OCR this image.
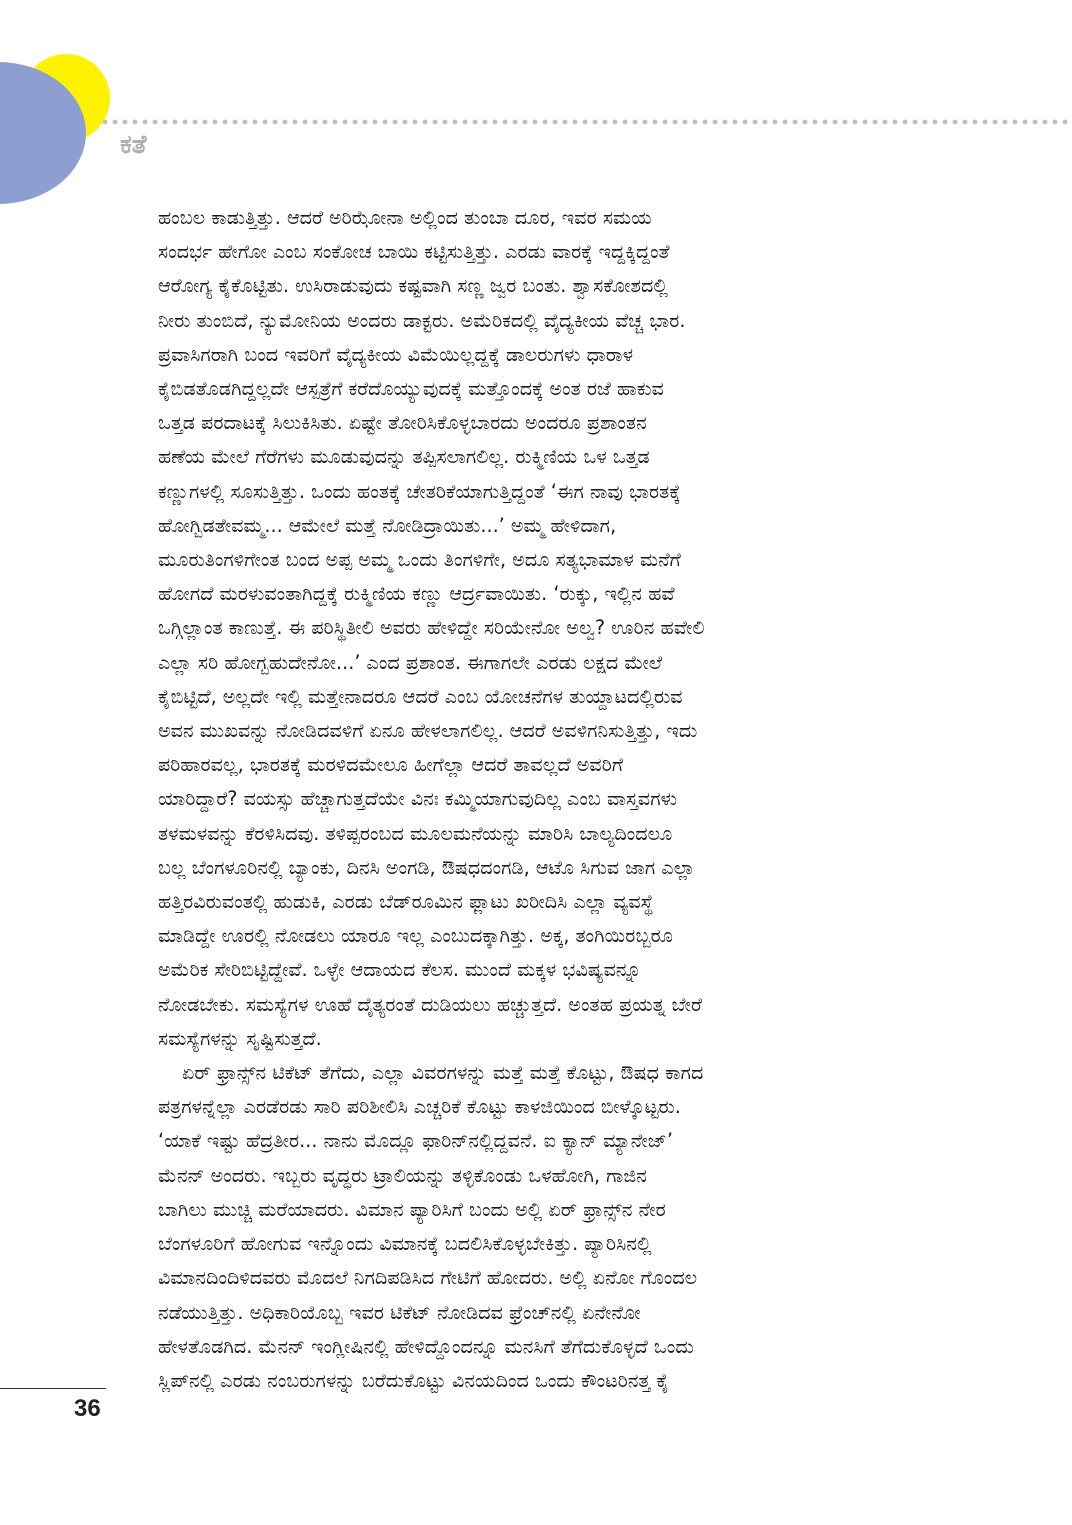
ಕತೆ
ಹಂಬಲ ಕಾಡುತ್ತಿತ್ತು. ಆದರೆ ಅರಿಝೋನಾ ಅಲ್ಲಿಂದ ತುಂಬಾ ದೂರ, ಇವರ ಸಮಯ
ಸಂದರ್ಭ ಹೇಗೋ ಎಂಬ ಸಂಕೋಚ ಬಾಯಿ ಕಟ್ಟಿಸುತ್ತಿತ್ತು. ಎರಡು ವಾರಕ್ಕೆ ಇದ್ದಕ್ಕಿದ್ದಂತೆ
ಆರೋಗ್ಯ ಕೈಕೊಟ್ಟಿತು. ಉಸಿರಾಡುವುದು ಕಷ್ಟವಾಗಿ ಸಣ್ಣ ಜ್ವರ ಬಂತು. ಶ್ವಾಸಕೋಶದಲ್ಲಿ
ನೀರು ತುಂಬಿದೆ, ನ್ಯುಮೋನಿಯ ಅಂದರು ಡಾಕ್ಟರು. ಅಮೆರಿಕದಲ್ಲಿ ವೈದ್ಯಕೀಯ ವೆಚ್ಚ ಭಾರ.
ಪ್ರವಾಸಿಗರಾಗಿ ಬಂದ ಇವರಿಗೆ ವೈದ್ಯಕೀಯ ವಿಮೆಯಿಲ್ಲದ್ದಕ್ಕೆ ಡಾಲರುಗಳು ಧಾರಾಳ
ಕೈಬಿಡತೊಡಗಿದ್ದಲ್ಲದೇ ಆಸ್ಪತ್ರೆಗೆ ಕರೆದೊಯ್ಯುವುದಕ್ಕೆ ಮತ್ತೊಂದಕ್ಕೆ ಅಂತ ರಜೆ ಹಾಕುವ
ಒತ್ತಡ ಪರದಾಟಕ್ಕೆ ಸಿಲುಕಿಸಿತು. ಏಷ್ಟೇ ತೋರಿಸಿಕೊಳ್ಳಬಾರದು ಅಂದರೂ ಪ್ರಶಾಂತನ
ಹಣೆಯ ಮೇಲೆ ಗೆರೆಗಳು ಮೂಡುವುದನ್ನು ತಪ್ಪಿಸಲಾಗಲಿಲ್ಲ. ರುಕ್ಮಿಣಿಯ ಒಳ ಒತ್ತಡ
ಕಣ್ಣುಗಳಲ್ಲಿ ಸೂಸುತ್ತಿತ್ತು. ಒಂದು ಹಂತಕ್ಕೆ ಚೇತರಿಕೆಯಾಗುತ್ತಿದ್ದಂತೆ ‘ಈಗ ನಾವು ಭಾರತಕ್ಕೆ
ಹೋಗ್ಬಿಡತೇವಮ್ಮ... ಆಮೇಲೆ ಮತ್ತೆ ನೋಡಿದ್ರಾಯಿತು...’ ಅಮ್ಮ ಹೇಳಿದಾಗ,
ಮೂರುತಿಂಗಳಿಗೇಂತ ಬಂದ ಅಪ್ಪ ಅಮ್ಮ ಒಂದು ತಿಂಗಳಿಗೇ, ಅದೂ ಸತ್ಯಭಾಮಾಳ ಮನೆಗೆ
ಹೋಗದೆ ಮರಳುವಂತಾಗಿದ್ದಕ್ಕೆ ರುಕ್ಮಿಣಿಯ ಕಣ್ಣು ಆರ್ದ್ರವಾಯಿತು. ‘ರುಕ್ಕು, ಇಲ್ಲಿನ ಹವೆ
ಒಗ್ಗಿಲ್ಲಾಂತ ಕಾಣುತ್ತೆ. ಈ ಪರಿಸ್ಥಿತೀಲಿ ಅವರು ಹೇಳಿದ್ದೇ ಸರಿಯೇನೋ ಅಲ್ವ? ಊರಿನ ಹವೇಲಿ
ಎಲ್ಲಾ ಸರಿ ಹೋಗ್ಬಹುದೇನೋ...’ ಎಂದ ಪ್ರಶಾಂತ. ಈಗಾಗಲೇ ಎರಡು ಲಕ್ಷದ ಮೇಲೆ
ಕೈಬಿಟ್ಟಿದೆ, ಅಲ್ಲದೇ ಇಲ್ಲಿ ಮತ್ತೇನಾದರೂ ಆದರೆ ಎಂಬ ಯೋಚನೆಗಳ ತುಯ್ದಾಟದಲ್ಲಿರುವ
ಅವನ ಮುಖವನ್ನು ನೋಡಿದವಳಿಗೆ ಏನೂ ಹೇಳಲಾಗಲಿಲ್ಲ. ಆದರೆ ಅವಳಿಗನಿಸುತ್ತಿತ್ತು, ಇದು
ಪರಿಹಾರವಲ್ಲ, ಭಾರತಕ್ಕೆ ಮರಳಿದಮೇಲೂ ಹೀಗೆಲ್ಲಾ ಆದರೆ ತಾವಲ್ಲದೆ ಅವರಿಗೆ
ಯಾರಿದ್ದಾರೆ? ವಯಸ್ಸು ಹೆಚ್ಚಾಗುತ್ತದೆಯೇ ವಿನಃ ಕಮ್ಮಿಯಾಗುವುದಿಲ್ಲ ಎಂಬ ವಾಸ್ತವಗಳು
ತಳಮಳವನ್ನು ಕೆರಳಿಸಿದವು. ತಳಿಪ್ಪರಂಬದ ಮೂಲಮನೆಯನ್ನು ಮಾರಿಸಿ ಬಾಲ್ಯದಿಂದಲೂ
ಬಲ್ಲ ಬೆಂಗಳೂರಿನಲ್ಲಿ ಬ್ಯಾಂಕು, ದಿನಸಿ ಅಂಗಡಿ, ಔಷಧದಂಗಡಿ, ಆಟೊ ಸಿಗುವ ಜಾಗ ಎಲ್ಲಾ
ಹತ್ತಿರವಿರುವಂತಲ್ಲಿ ಹುಡುಕಿ, ಎರಡು ಬೆಡ್‌ರೂಮಿನ ಫ್ಲಾಟು ಖರೀದಿಸಿ ಎಲ್ಲಾ ವ್ಯವಸ್ಥೆ
ಮಾಡಿದ್ದೇ ಊರಲ್ಲಿ ನೋಡಲು ಯಾರೂ ಇಲ್ಲ ಎಂಬುದಕ್ಕಾಗಿತ್ತು. ಅಕ್ಕ, ತಂಗಿಯಿರಬ್ಬರೂ
ಅಮೆರಿಕ ಸೇರಿಬಿಟ್ಟಿದ್ದೇವೆ. ಒಳ್ಳೇ ಆದಾಯದ ಕೆಲಸ. ಮುಂದೆ ಮಕ್ಕಳ ಭವಿಷ್ಯವನ್ನೂ
ನೋಡಬೇಕು. ಸಮಸ್ಯೆಗಳ ಊಹೆ ದೈತ್ಯರಂತೆ ದುಡಿಯಲು ಹಚ್ಚುತ್ತದೆ. ಅಂತಹ ಪ್ರಯತ್ನ ಬೇರೆ
ಸಮಸ್ಯೆಗಳನ್ನು ಸೃಷ್ಟಿಸುತ್ತದೆ.
ಏರ್ ಫ್ರಾನ್ಸ್‌ನ ಟಿಕೆಟ್ ತೆಗೆದು, ಎಲ್ಲಾ ವಿವರಗಳನ್ನು ಮತ್ತೆ ಮತ್ತೆ ಕೊಟ್ಟು, ಔಷಧ ಕಾಗದ
ಪತ್ರಗಳನ್ನೆಲ್ಲಾ ಎರಡೆರಡು ಸಾರಿ ಪರಿಶೀಲಿಸಿ ಎಚ್ಚರಿಕೆ ಕೊಟ್ಟು ಕಾಳಜಿಯಿಂದ ಬೀಳ್ಕೊಟ್ಟರು.
‘ಯಾಕೆ ಇಷ್ಟು ಹೆದ್ರತೀರ... ನಾನು ಮೊದ್ಲೂ ಫಾರಿನ್‌ನಲ್ಲಿದ್ದವನೆ. ಐ ಕ್ಯಾನ್ ಮ್ಯಾನೇಜ್’
ಮೆನನ್ ಅಂದರು. ಇಬ್ಬರು ವೃದ್ಧರು ಟ್ರಾಲಿಯನ್ನು ತಳ್ಳಿಕೊಂಡು ಒಳಹೋಗಿ, ಗಾಜಿನ
ಬಾಗಿಲು ಮುಚ್ಚಿ ಮರೆಯಾದರು. ವಿಮಾನ ಪ್ಯಾರಿಸಿಗೆ ಬಂದು ಅಲ್ಲಿ ಏರ್ ಫ್ರಾನ್ಸ್‌ನ ನೇರ
ಬೆಂಗಳೂರಿಗೆ ಹೋಗುವ ಇನ್ನೊಂದು ವಿಮಾನಕ್ಕೆ ಬದಲಿಸಿಕೊಳ್ಳಬೇಕಿತ್ತು. ಪ್ಯಾರಿಸಿನಲ್ಲಿ
ವಿಮಾನದಿಂದಿಳಿದವರು ಮೊದಲೆ ನಿಗದಿಪಡಿಸಿದ ಗೇಟಿಗೆ ಹೋದರು. ಅಲ್ಲಿ ಏನೋ ಗೊಂದಲ
ನಡೆಯುತ್ತಿತ್ತು. ಅಧಿಕಾರಿಯೊಬ್ಬ ಇವರ ಟಿಕೆಟ್ ನೋಡಿದವ ಫ್ರೆಂಚ್‌ನಲ್ಲಿ ಏನೇನೋ
ಹೇಳತೊಡಗಿದ. ಮೆನನ್ ಇಂಗ್ಲೀಷಿನಲ್ಲಿ ಹೇಳಿದ್ದೊಂದನ್ನೂ ಮನಸಿಗೆ ತೆಗೆದುಕೊಳ್ಳದೆ ಒಂದು
ಸ್ಲಿಪ್‌ನಲ್ಲಿ ಎರಡು ನಂಬರುಗಳನ್ನು ಬರೆದುಕೊಟ್ಟು ವಿನಯದಿಂದ ಒಂದು ಕೌಂಟರಿನತ್ತ ಕೈ
36
